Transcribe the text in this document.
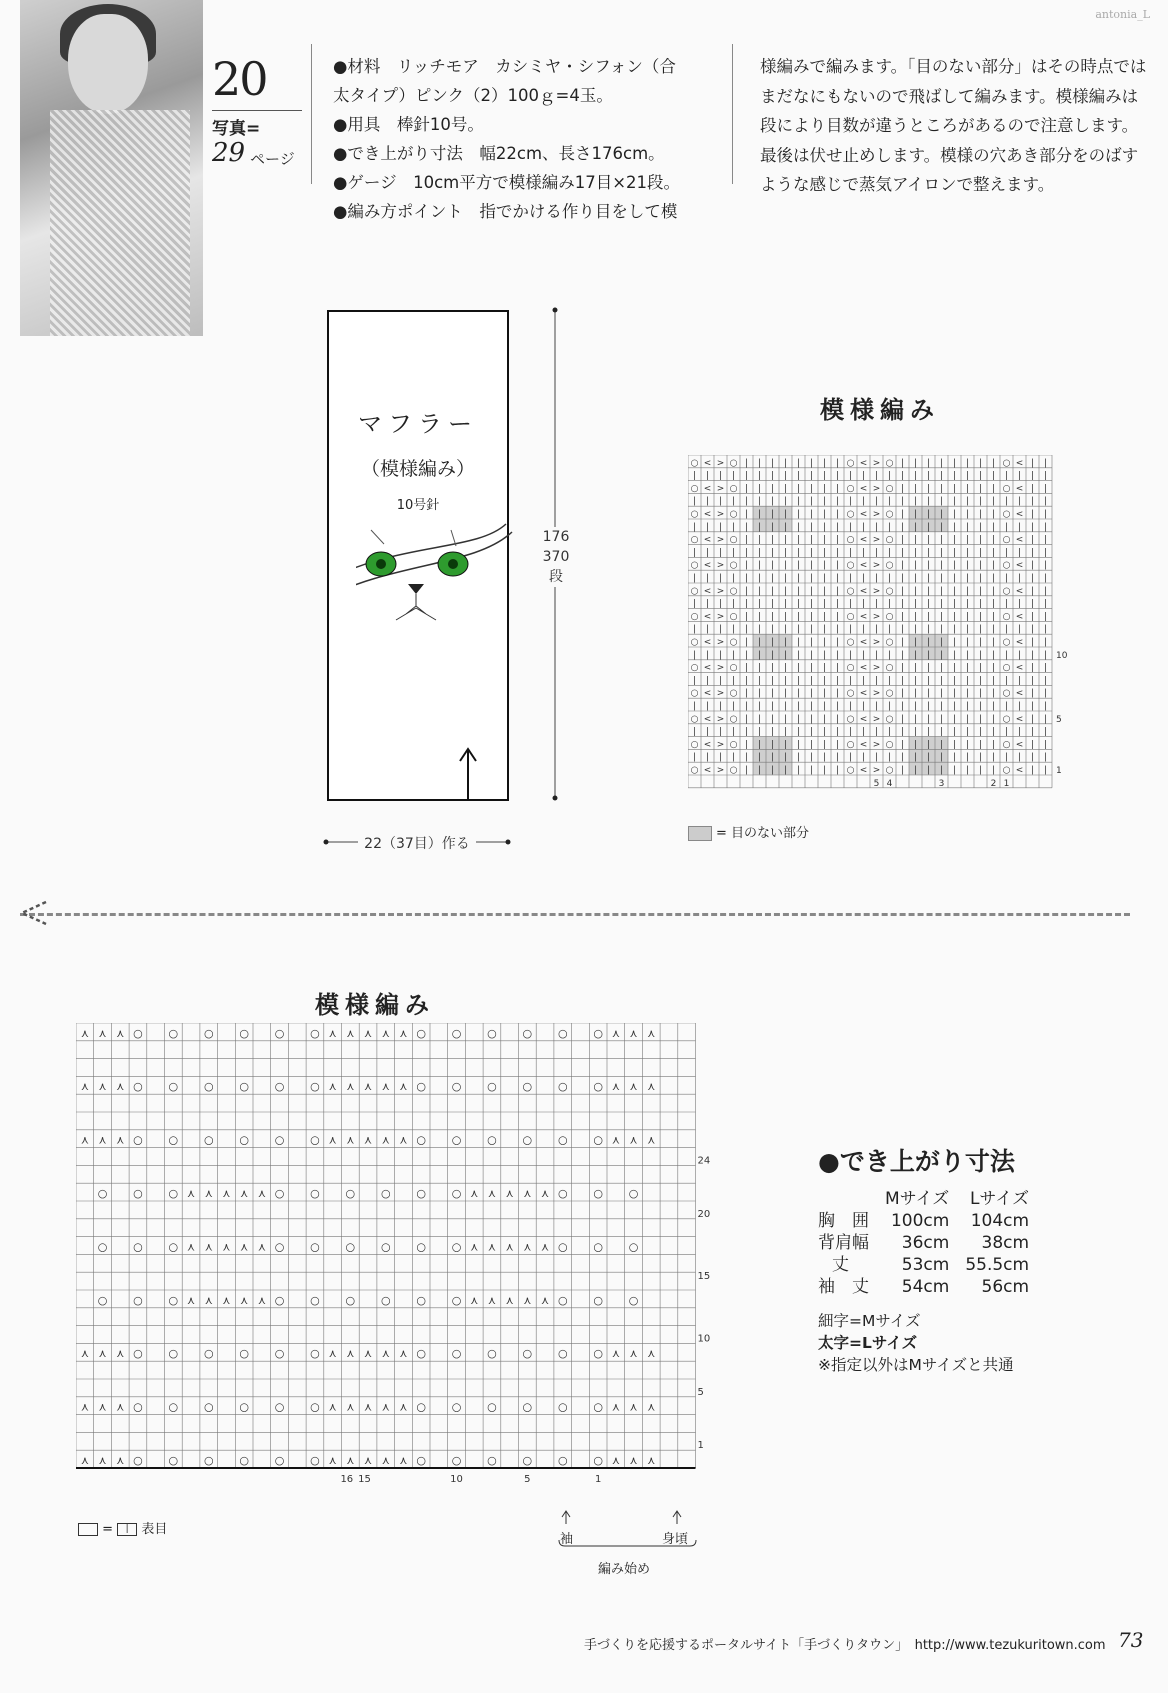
antonia_L
20
写真=
29 ページ

●材料　リッチモア　カシミヤ・シフォン（合

太タイプ）ピンク（2）100ｇ=4玉。

●用具　棒針10号。

●でき上がり寸法　幅22cm、長さ176cm。

●ゲージ　10cm平方で模様編み17目×21段。

●編み方ポイント　指でかける作り目をして模

様編みで編みます。「目のない部分」はその時点ではまだなにもないので飛ばして編みます。模様編みは段により目数が違うところがあるので注意します。最後は伏せ止めします。模様の穴あき部分をのばすような感じで蒸気アイロンで整えます。

マフラー
（模様編み）
10号針
176
370
段
22（37目）作る
模様編み
○ < > ○ | | | | | | | | ○ < > ○ | | | | | | | | ○ < | |
| | | | | | | | | | | | | | | | | | | | | | | | | | | |
○ < > ○ | | | | | | | | ○ < > ○ | | | | | | | | ○ < | |
| | | | | | | | | | | | | | | | | | | | | | | | | | | |
○ < > ○ | | | | | | | | ○ < > ○ | | | | | | | | ○ < | |
| | | | | | | | | | | | | | | | | | | | | | | | | | | |
○ < > ○ | | | | | | | | ○ < > ○ | | | | | | | | ○ < | |
| | | | | | | | | | | | | | | | | | | | | | | | | | | |
○ < > ○ | | | | | | | | ○ < > ○ | | | | | | | | ○ < | |
| | | | | | | | | | | | | | | | | | | | | | | | | | | |
○ < > ○ | | | | | | | | ○ < > ○ | | | | | | | | ○ < | |
| | | | | | | | | | | | | | | | | | | | | | | | | | | |
○ < > ○ | | | | | | | | ○ < > ○ | | | | | | | | ○ < | |
| | | | | | | | | | | | | | | | | | | | | | | | | | | |
○ < > ○ | | | | | | | | ○ < > ○ | | | | | | | | ○ < | |
| | | | | | | | | | | | | | | | | | | | | | | | | | | |
○ < > ○ | | | | | | | | ○ < > ○ | | | | | | | | ○ < | |
| | | | | | | | | | | | | | | | | | | | | | | | | | | |
○ < > ○ | | | | | | | | ○ < > ○ | | | | | | | | ○ < | |
| | | | | | | | | | | | | | | | | | | | | | | | | | | |
○ < > ○ | | | | | | | | ○ < > ○ | | | | | | | | ○ < | |
| | | | | | | | | | | | | | | | | | | | | | | | | | | |
○ < > ○ | | | | | | | | ○ < > ○ | | | | | | | | ○ < | |
| | | | | | | | | | | | | | | | | | | | | | | | | | | |
○ < > ○ | | | | | | | | ○ < > ○ | | | | | | | | ○ < | |
10
5
1
5 4	3	2 1
= 目のない部分
模様編み
⋏ ⋏ ⋏ ○ ○ ○ ○ ○ ○ ⋏ ⋏ ⋏ ⋏ ⋏ ○ ○ ○ ○ ○ ○ ⋏ ⋏ ⋏
⋏ ⋏ ⋏ ○ ○ ○ ○ ○ ○ ⋏ ⋏ ⋏ ⋏ ⋏ ○ ○ ○ ○ ○ ○ ⋏ ⋏ ⋏
⋏ ⋏ ⋏ ○ ○ ○ ○ ○ ○ ⋏ ⋏ ⋏ ⋏ ⋏ ○ ○ ○ ○ ○ ○ ⋏ ⋏ ⋏
○ ○ ○ ⋏ ⋏ ⋏ ⋏ ⋏ ○ ○ ○ ○ ○ ○ ⋏ ⋏ ⋏ ⋏ ⋏ ○ ○ ○
○ ○ ○ ⋏ ⋏ ⋏ ⋏ ⋏ ○ ○ ○ ○ ○ ○ ⋏ ⋏ ⋏ ⋏ ⋏ ○ ○ ○
○ ○ ○ ⋏ ⋏ ⋏ ⋏ ⋏ ○ ○ ○ ○ ○ ○ ⋏ ⋏ ⋏ ⋏ ⋏ ○ ○ ○
⋏ ⋏ ⋏ ○ ○ ○ ○ ○ ○ ⋏ ⋏ ⋏ ⋏ ⋏ ○ ○ ○ ○ ○ ○ ⋏ ⋏ ⋏
⋏ ⋏ ⋏ ○ ○ ○ ○ ○ ○ ⋏ ⋏ ⋏ ⋏ ⋏ ○ ○ ○ ○ ○ ○ ⋏ ⋏ ⋏
⋏ ⋏ ⋏ ○ ○ ○ ○ ○ ○ ⋏ ⋏ ⋏ ⋏ ⋏ ○ ○ ○ ○ ○ ○ ⋏ ⋏ ⋏
24
20
15
10
5
1
16 15	10	5	1
= | 表目
袖	身頃
編み始め
●でき上がり寸法
	Mサイズ	Lサイズ
胸　囲	100cm	104cm
背肩幅	36cm	38cm
丈	53cm	55.5cm
袖　丈	54cm	56cm
細字=Mサイズ
太字=Lサイズ
※指定以外はMサイズと共通
手づくりを応援するポータルサイト「手づくりタウン」　http://www.tezukuritown.com 73
